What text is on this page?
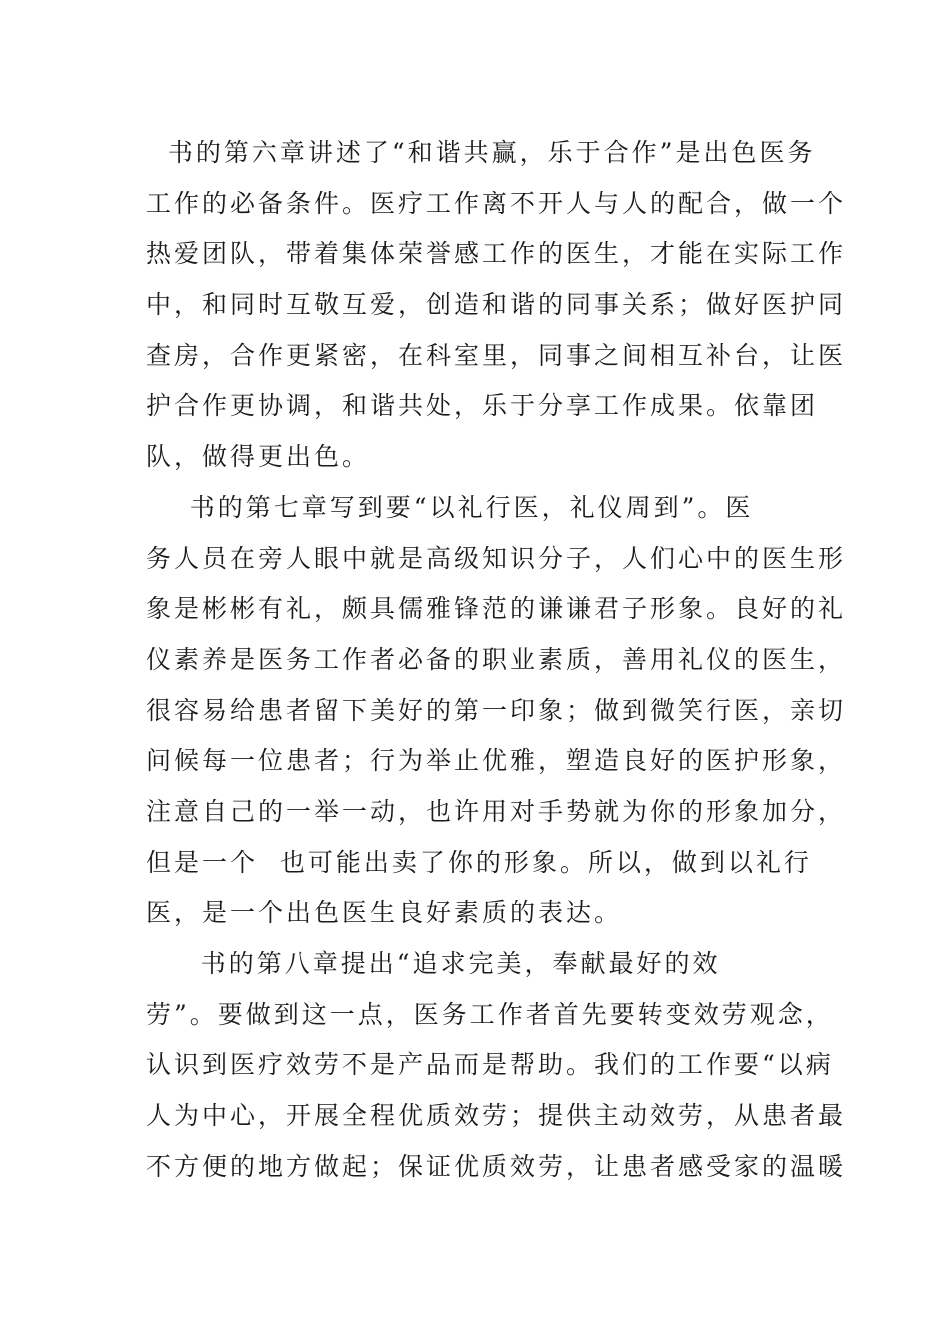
书的第六章讲述了“和谐共赢，乐于合作”是出色医务
工作的必备条件。医疗工作离不开人与人的配合，做一个
热爱团队，带着集体荣誉感工作的医生，才能在实际工作
中，和同时互敬互爱，创造和谐的同事关系；做好医护同
查房，合作更紧密，在科室里，同事之间相互补台，让医
护合作更协调，和谐共处，乐于分享工作成果。依靠团
队，做得更出色。
书的第七章写到要“以礼行医，礼仪周到”。医
务人员在旁人眼中就是高级知识分子，人们心中的医生形
象是彬彬有礼，颇具儒雅锋范的谦谦君子形象。良好的礼
仪素养是医务工作者必备的职业素质，善用礼仪的医生，
很容易给患者留下美好的第一印象；做到微笑行医，亲切
问候每一位患者；行为举止优雅，塑造良好的医护形象，
注意自己的一举一动，也许用对手势就为你的形象加分，
但是一个  也可能出卖了你的形象。所以，做到以礼行
医，是一个出色医生良好素质的表达。
书的第八章提出“追求完美，奉献最好的效
劳”。要做到这一点，医务工作者首先要转变效劳观念，
认识到医疗效劳不是产品而是帮助。我们的工作要“以病
人为中心，开展全程优质效劳；提供主动效劳，从患者最
不方便的地方做起；保证优质效劳，让患者感受家的温暖
